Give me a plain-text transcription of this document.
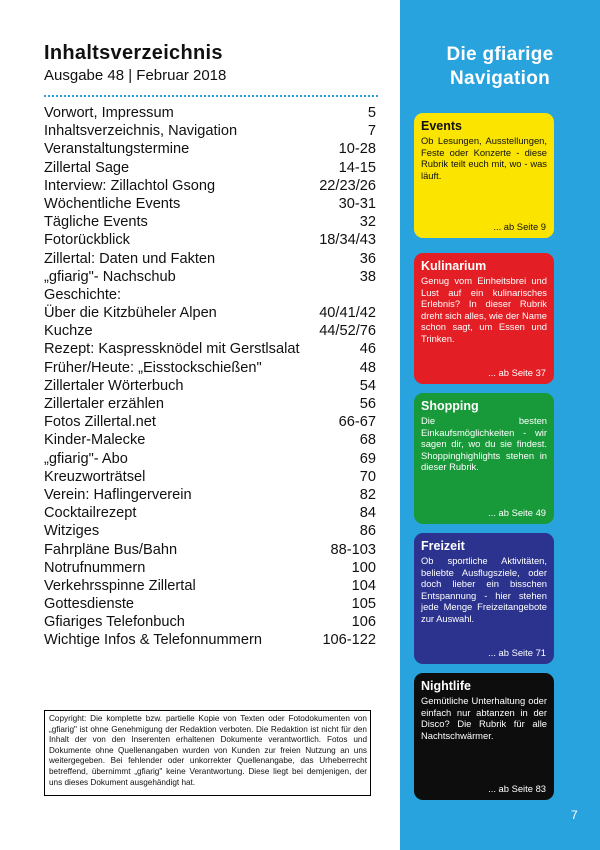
Inhaltsverzeichnis
Ausgabe 48 | Februar 2018
Vorwort, Impressum	5
Inhaltsverzeichnis, Navigation	7
Veranstaltungstermine	10-28
Zillertal Sage	14-15
Interview: Zillachtol Gsong	22/23/26
Wöchentliche Events	30-31
Tägliche Events	32
Fotorückblick	18/34/43
Zillertal: Daten und Fakten	36
„gfiarig"- Nachschub	38
Geschichte:
Über die Kitzbüheler Alpen	40/41/42
Kuchze	44/52/76
Rezept: Kaspressknödel mit Gerstlsalat	46
Früher/Heute: „Eisstockschießen"	48
Zillertaler Wörterbuch	54
Zillertaler erzählen	56
Fotos Zillertal.net	66-67
Kinder-Malecke	68
„gfiarig"- Abo	69
Kreuzworträtsel	70
Verein: Haflingerverein	82
Cocktailrezept	84
Witziges	86
Fahrpläne Bus/Bahn	88-103
Notrufnummern	100
Verkehrsspinne Zillertal	104
Gottesdienste	105
Gfiariges Telefonbuch	106
Wichtige Infos & Telefonnummern	106-122
Copyright: Die komplette bzw. partielle Kopie von Texten oder Fotodokumenten von „gfiarig" ist ohne Genehmigung der Redaktion verboten. Die Redaktion ist nicht für den Inhalt der von den Inserenten erhaltenen Dokumente verantwortlich. Fotos und Dokumente ohne Quellenangaben wurden von Kunden zur freien Nutzung an uns weitergegeben. Bei fehlender oder unkorrekter Quellenangabe, das Urheberrecht betreffend, übernimmt „gfiarig" keine Verantwortung. Diese liegt bei demjenigen, der uns dieses Dokument ausgehändigt hat.
Die gfiarige
Navigation
Events
Ob Lesungen, Ausstellungen, Feste oder Konzerte - diese Rubrik teilt euch mit, wo - was läuft.
... ab Seite 9
Kulinarium
Genug vom Einheitsbrei und Lust auf ein kulinarisches Erlebnis? In dieser Rubrik dreht sich alles, wie der Name schon sagt, um Essen und Trinken.
... ab Seite 37
Shopping
Die besten Einkaufsmöglichkeiten - wir sagen dir, wo du sie findest. Shoppinghighlights stehen in dieser Rubrik.
... ab Seite 49
Freizeit
Ob sportliche Aktivitäten, beliebte Ausflugsziele, oder doch lieber ein bisschen Entspannung - hier stehen jede Menge Freizeitangebote zur Auswahl.
... ab Seite 71
Nightlife
Gemütliche Unterhaltung oder einfach nur abtanzen in der Disco? Die Rubrik für alle Nachtschwärmer.
... ab Seite 83
7
